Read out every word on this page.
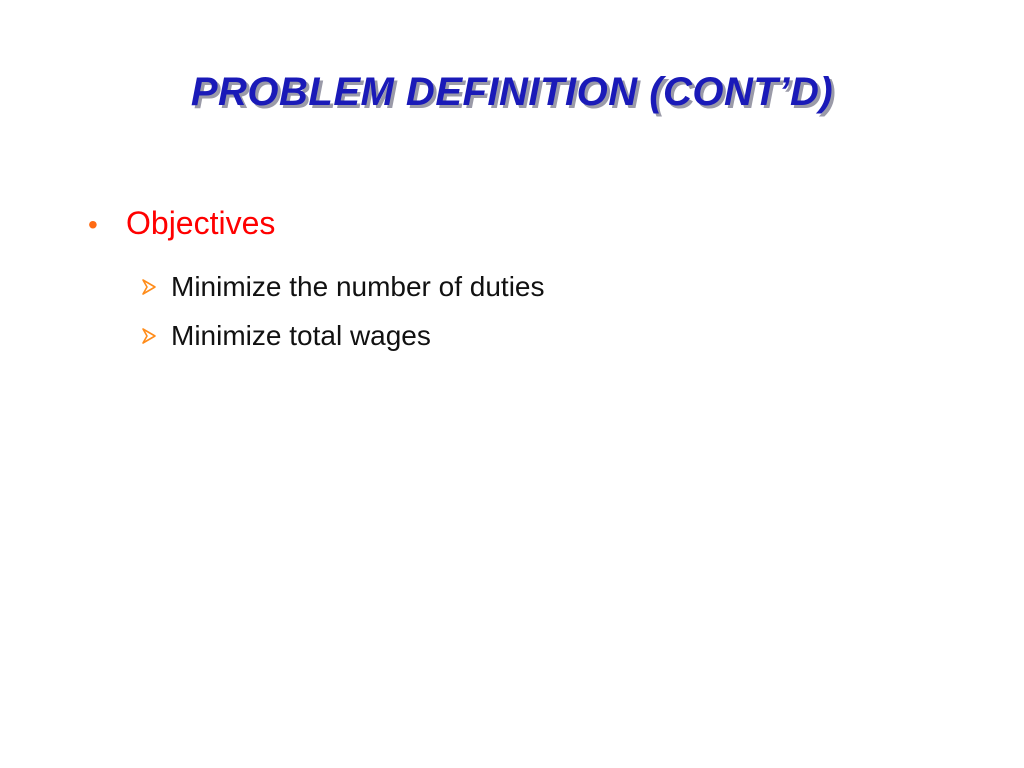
PROBLEM DEFINITION (CONT’D)
• Objectives
Minimize the number of duties
Minimize total wages
